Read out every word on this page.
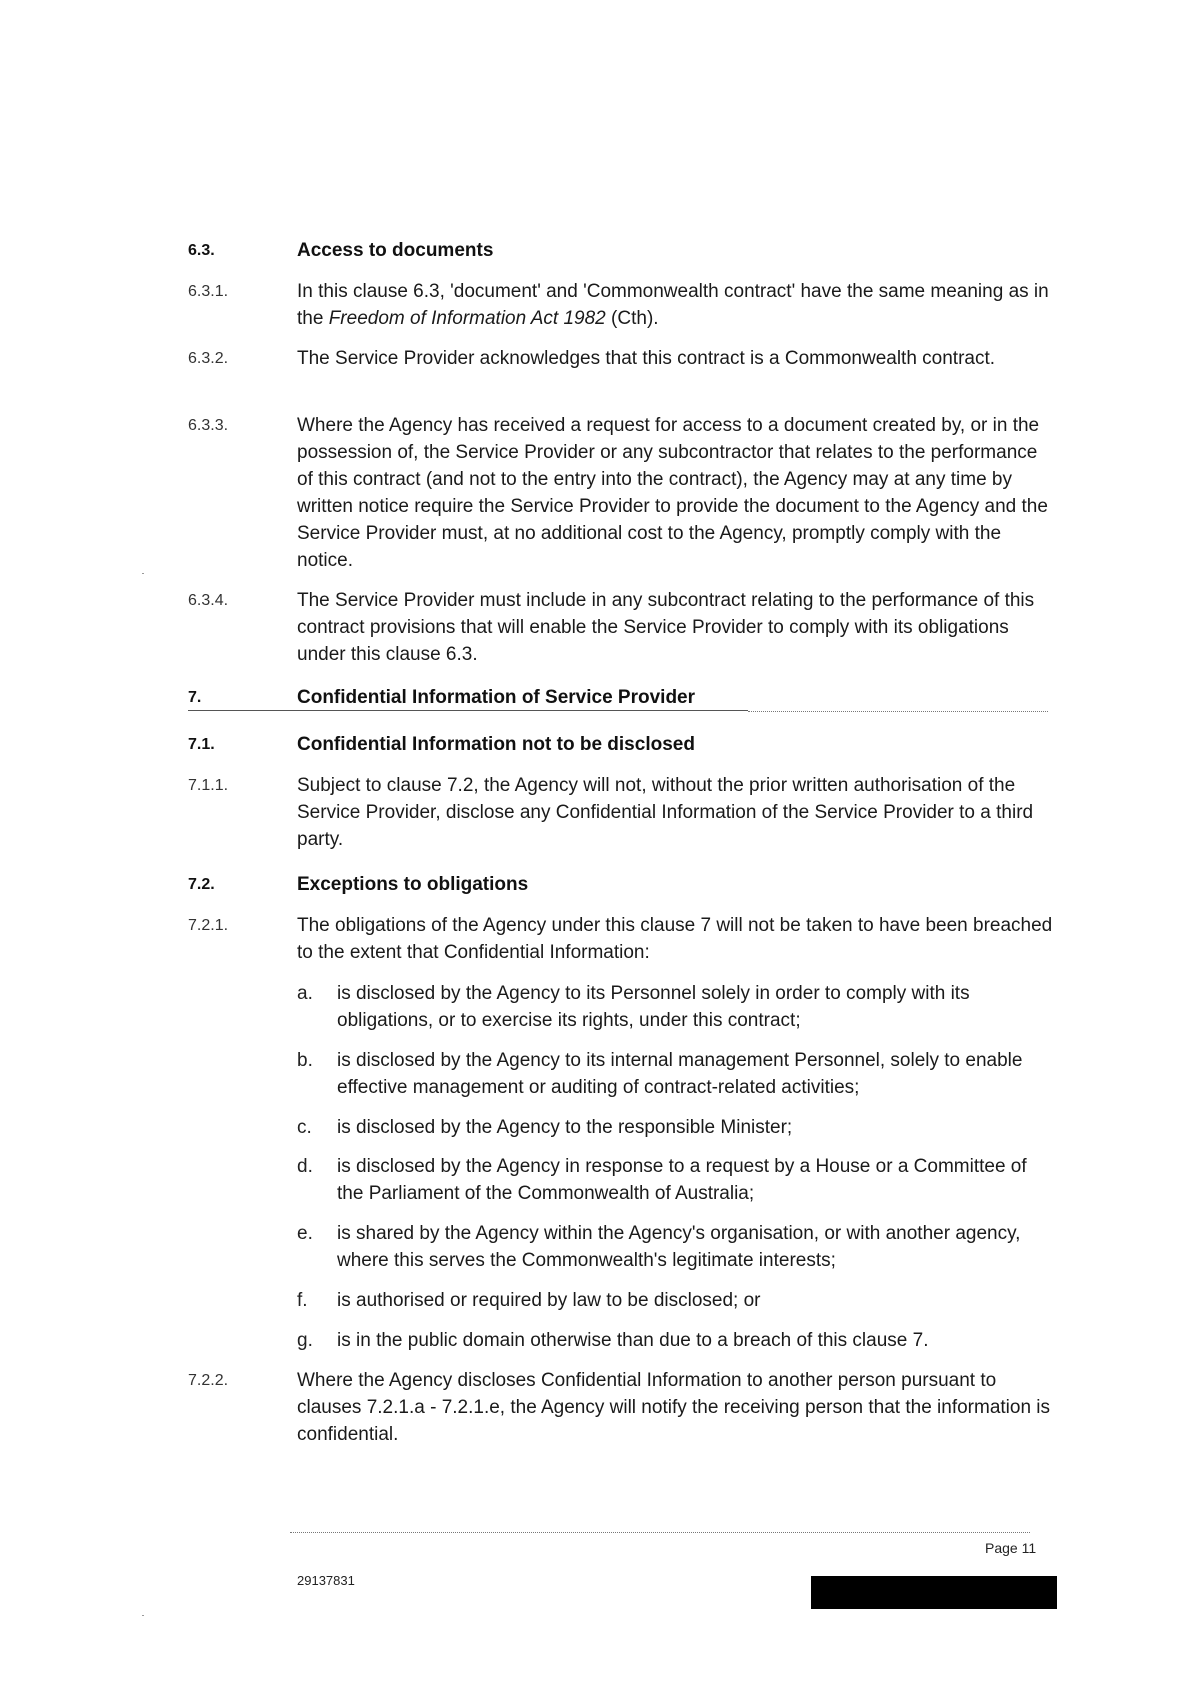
6.3.	Access to documents
6.3.1.	In this clause 6.3, 'document' and 'Commonwealth contract' have the same meaning as in the Freedom of Information Act 1982 (Cth).
6.3.2.	The Service Provider acknowledges that this contract is a Commonwealth contract.
6.3.3.	Where the Agency has received a request for access to a document created by, or in the possession of, the Service Provider or any subcontractor that relates to the performance of this contract (and not to the entry into the contract), the Agency may at any time by written notice require the Service Provider to provide the document to the Agency and the Service Provider must, at no additional cost to the Agency, promptly comply with the notice.
6.3.4.	The Service Provider must include in any subcontract relating to the performance of this contract provisions that will enable the Service Provider to comply with its obligations under this clause 6.3.
7.	Confidential Information of Service Provider
7.1.	Confidential Information not to be disclosed
7.1.1.	Subject to clause 7.2, the Agency will not, without the prior written authorisation of the Service Provider, disclose any Confidential Information of the Service Provider to a third party.
7.2.	Exceptions to obligations
7.2.1.	The obligations of the Agency under this clause 7 will not be taken to have been breached to the extent that Confidential Information:
a. is disclosed by the Agency to its Personnel solely in order to comply with its obligations, or to exercise its rights, under this contract;
b. is disclosed by the Agency to its internal management Personnel, solely to enable effective management or auditing of contract-related activities;
c. is disclosed by the Agency to the responsible Minister;
d. is disclosed by the Agency in response to a request by a House or a Committee of the Parliament of the Commonwealth of Australia;
e. is shared by the Agency within the Agency's organisation, or with another agency, where this serves the Commonwealth's legitimate interests;
f. is authorised or required by law to be disclosed; or
g. is in the public domain otherwise than due to a breach of this clause 7.
7.2.2.	Where the Agency discloses Confidential Information to another person pursuant to clauses 7.2.1.a - 7.2.1.e, the Agency will notify the receiving person that the information is confidential.
Page 11
29137831
